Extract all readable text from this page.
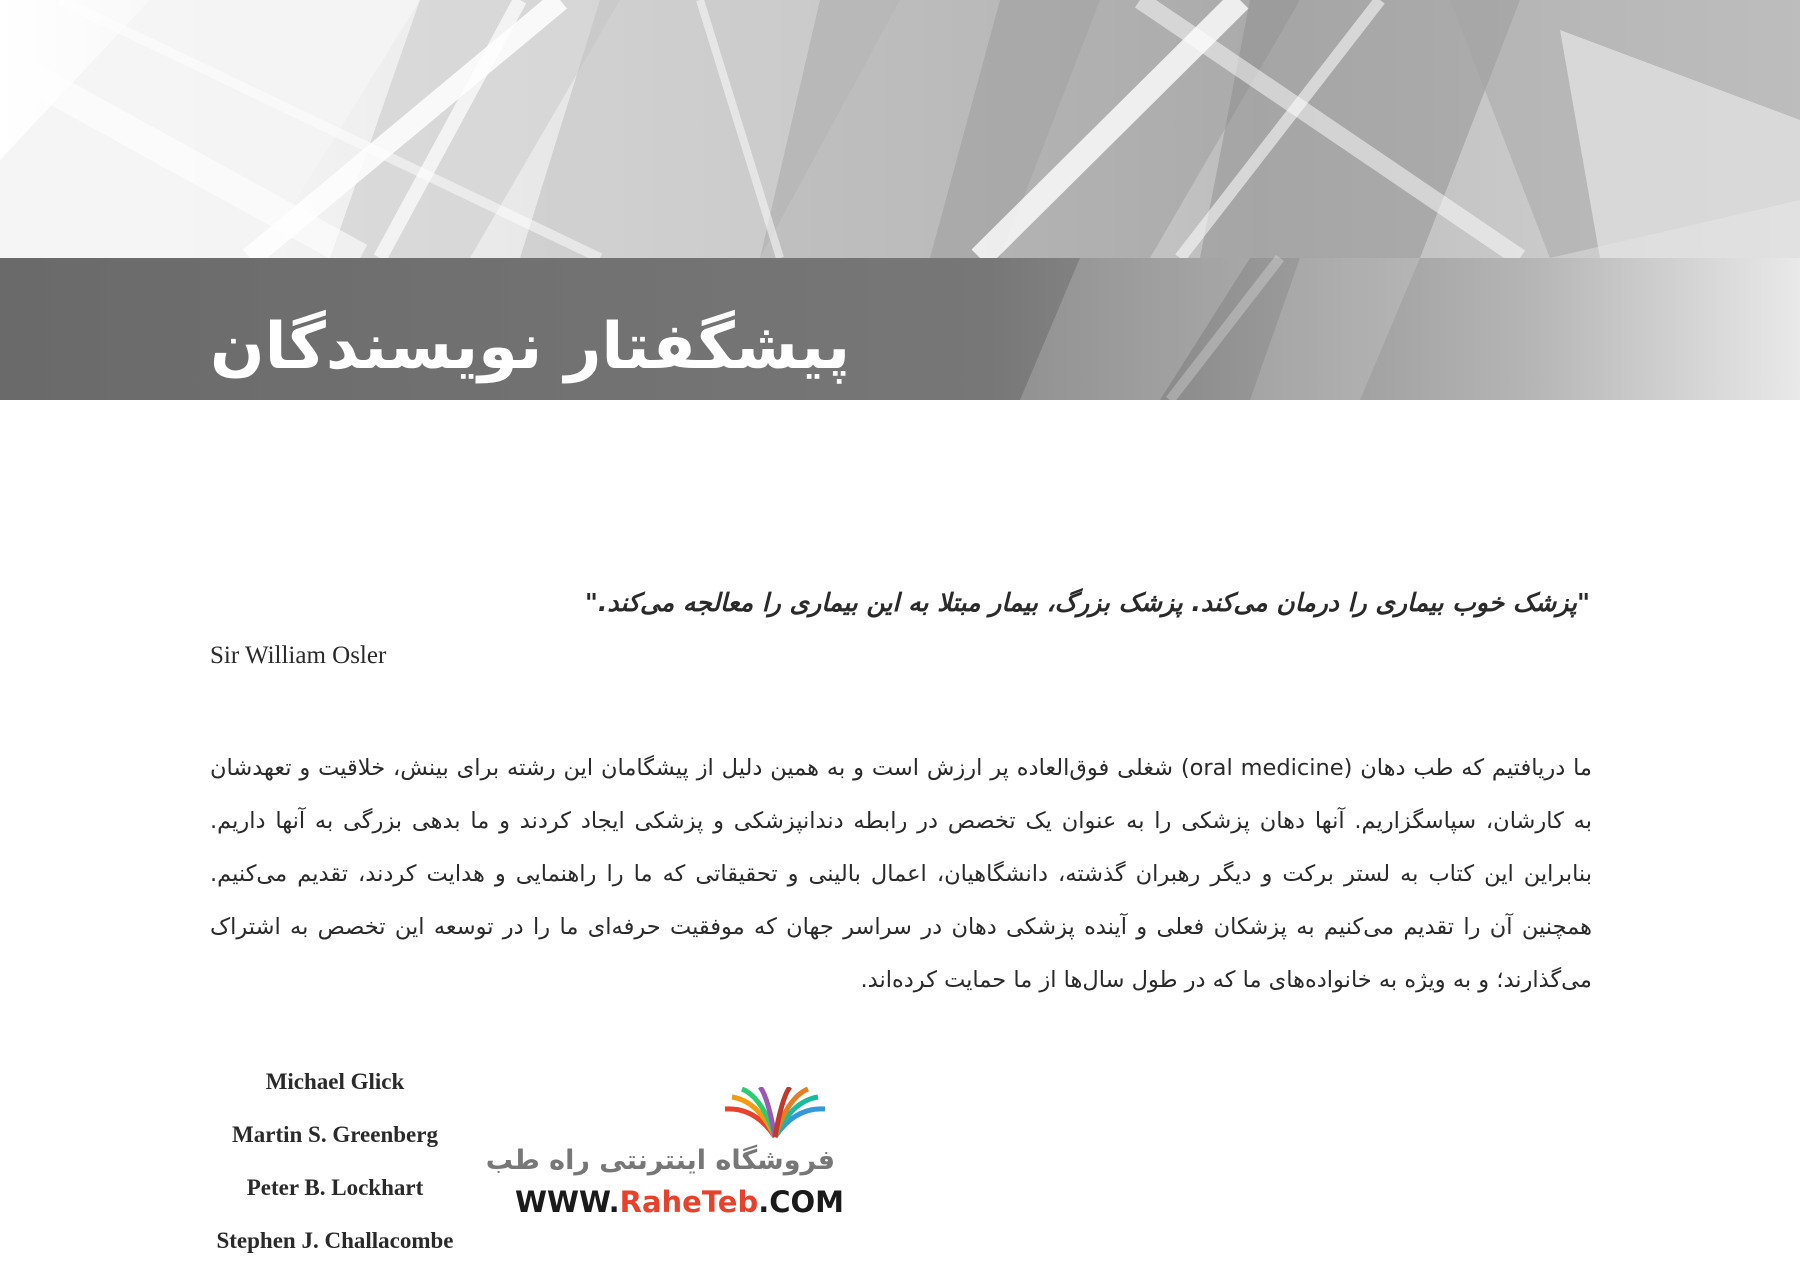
پیشگفتار نویسندگان
"پزشک خوب بیماری را درمان می‌کند. پزشک بزرگ، بیمار مبتلا به این بیماری را معالجه می‌کند."
Sir William Osler
ما دریافتیم که طب دهان (oral medicine) شغلی فوق‌العاده پر ارزش است و به همین دلیل از پیشگامان این رشته برای بینش، خلاقیت و تعهدشان به کارشان، سپاسگزاریم. آنها دهان پزشکی را به عنوان یک تخصص در رابطه دندانپزشکی و پزشکی ایجاد کردند و ما بدهی بزرگی به آنها داریم. بنابراین این کتاب به لستر برکت و دیگر رهبران گذشته، دانشگاهیان، اعمال بالینی و تحقیقاتی که ما را راهنمایی و هدایت کردند، تقدیم می‌کنیم. همچنین آن را تقدیم می‌کنیم به پزشکان فعلی و آینده پزشکی دهان در سراسر جهان که موفقیت حرفه‌ای ما را در توسعه این تخصص به اشتراک می‌گذارند؛ و به ویژه به خانواده‌های ما که در طول سال‌ها از ما حمایت کرده‌اند.
Michael Glick
Martin S. Greenberg
Peter B. Lockhart
Stephen J. Challacombe
فروشگاه اینترنتی راه طب
WWW.RaheTeb.COM
